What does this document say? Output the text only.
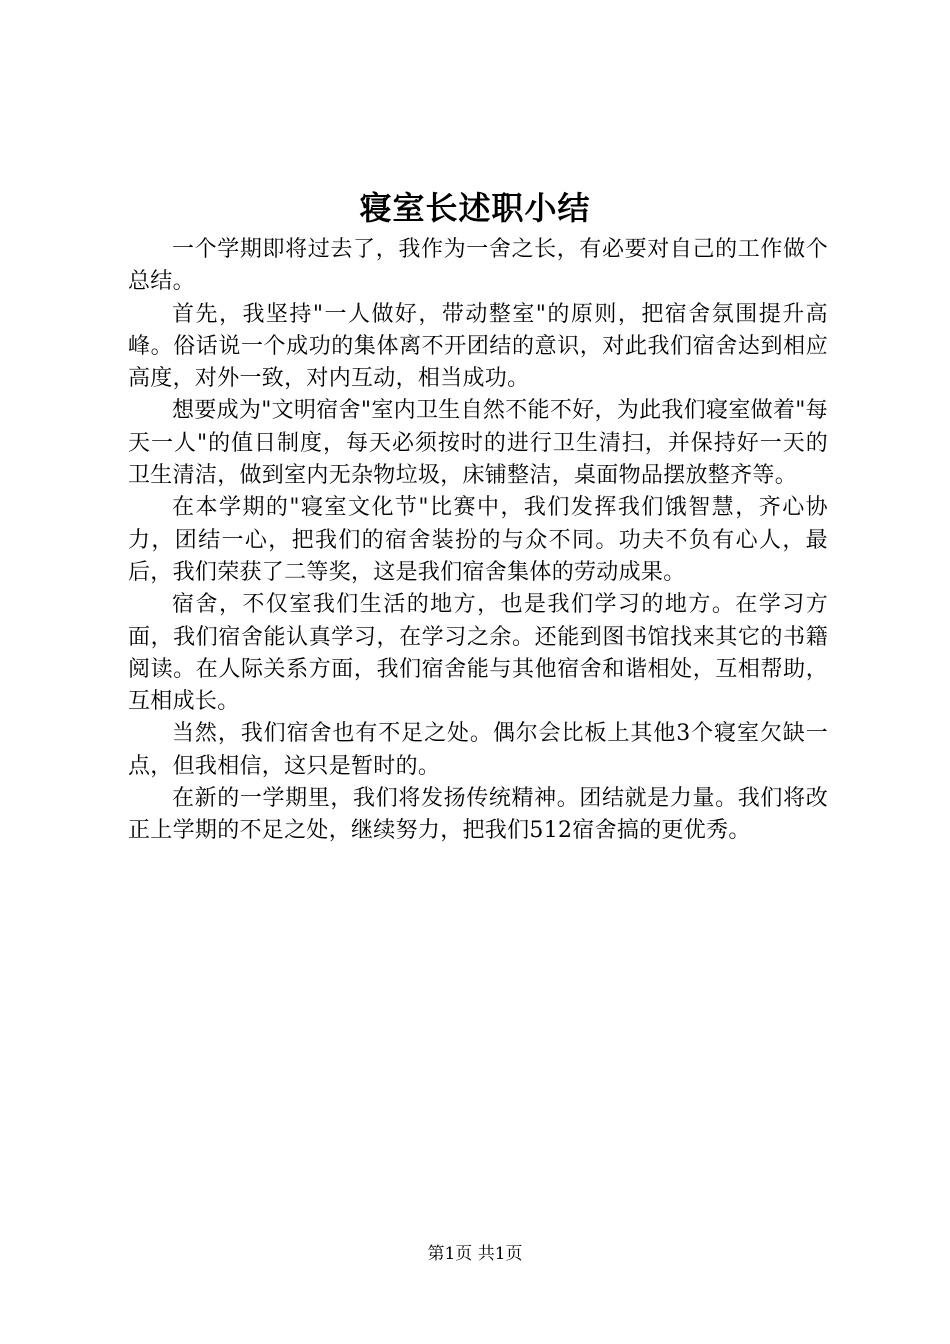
寝室长述职小结

一个学期即将过去了，我作为一舍之长，有必要对自己的工作做个总结。

首先，我坚持"一人做好，带动整室"的原则，把宿舍氛围提升高峰。俗话说一个成功的集体离不开团结的意识，对此我们宿舍达到相应高度，对外一致，对内互动，相当成功。

想要成为"文明宿舍"室内卫生自然不能不好，为此我们寝室做着"每天一人"的值日制度，每天必须按时的进行卫生清扫，并保持好一天的卫生清洁，做到室内无杂物垃圾，床铺整洁，桌面物品摆放整齐等。

在本学期的"寝室文化节"比赛中，我们发挥我们饿智慧，齐心协力，团结一心，把我们的宿舍装扮的与众不同。功夫不负有心人，最后，我们荣获了二等奖，这是我们宿舍集体的劳动成果。

宿舍，不仅室我们生活的地方，也是我们学习的地方。在学习方面，我们宿舍能认真学习，在学习之余。还能到图书馆找来其它的书籍阅读。在人际关系方面，我们宿舍能与其他宿舍和谐相处，互相帮助，互相成长。

当然，我们宿舍也有不足之处。偶尔会比板上其他3个寝室欠缺一点，但我相信，这只是暂时的。

在新的一学期里，我们将发扬传统精神。团结就是力量。我们将改正上学期的不足之处，继续努力，把我们512宿舍搞的更优秀。

第1页 共1页
